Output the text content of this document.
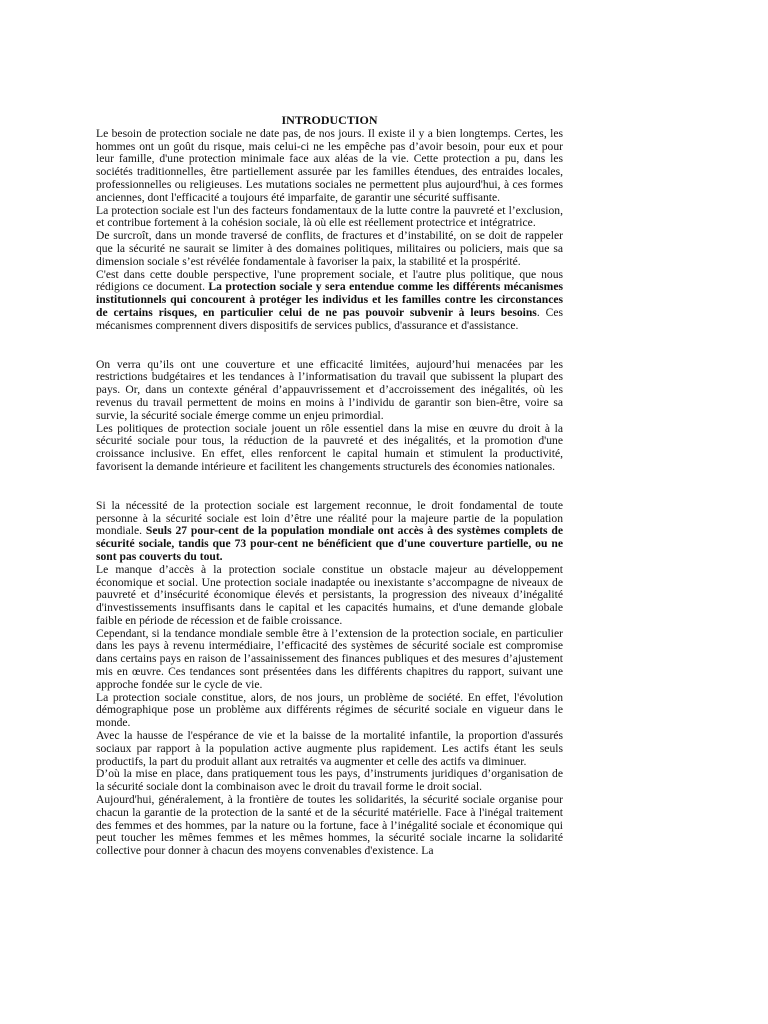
INTRODUCTION

Le besoin de protection sociale ne date pas, de nos jours. Il existe il y a bien longtemps. Certes, les hommes ont un goût du risque, mais celui-ci ne les empêche pas d’avoir besoin, pour eux et pour leur famille, d'une protection minimale face aux aléas de la vie. Cette protection a pu, dans les sociétés traditionnelles, être partiellement assurée par les familles étendues, des entraides locales, professionnelles ou religieuses. Les mutations sociales ne permettent plus aujourd'hui, à ces formes anciennes, dont l'efficacité a toujours été imparfaite, de garantir une sécurité suffisante.

La protection sociale est l'un des facteurs fondamentaux de la lutte contre la pauvreté et l’exclusion, et contribue fortement à la cohésion sociale, là où elle est réellement protectrice et intégratrice.

De surcroît, dans un monde traversé de conflits, de fractures et d’instabilité, on se doit de rappeler que la sécurité ne saurait se limiter à des domaines politiques, militaires ou policiers, mais que sa dimension sociale s’est révélée fondamentale à favoriser la paix, la stabilité et la prospérité.

C'est dans cette double perspective, l'une proprement sociale, et l'autre plus politique, que nous rédigions ce document. La protection sociale y sera entendue comme les différents mécanismes institutionnels qui concourent à protéger les individus et les familles contre les circonstances de certains risques, en particulier celui de ne pas pouvoir subvenir à leurs besoins. Ces mécanismes comprennent divers dispositifs de services publics, d'assurance et d'assistance.

On verra qu’ils ont une couverture et une efficacité limitées, aujourd’hui menacées par les restrictions budgétaires et les tendances à l’informatisation du travail que subissent la plupart des pays. Or, dans un contexte général d’appauvrissement et d’accroissement des inégalités, où les revenus du travail permettent de moins en moins à l’individu de garantir son bien-être, voire sa survie, la sécurité sociale émerge comme un enjeu primordial.

Les politiques de protection sociale jouent un rôle essentiel dans la mise en œuvre du droit à la sécurité sociale pour tous, la réduction de la pauvreté et des inégalités, et la promotion d'une croissance inclusive. En effet, elles renforcent le capital humain et stimulent la productivité, favorisent la demande intérieure et facilitent les changements structurels des économies nationales.

Si la nécessité de la protection sociale est largement reconnue, le droit fondamental de toute personne à la sécurité sociale est loin d’être une réalité pour la majeure partie de la population mondiale. Seuls 27 pour-cent de la population mondiale ont accès à des systèmes complets de sécurité sociale, tandis que 73 pour-cent ne bénéficient que d'une couverture partielle, ou ne sont pas couverts du tout.

Le manque d’accès à la protection sociale constitue un obstacle majeur au développement économique et social. Une protection sociale inadaptée ou inexistante s’accompagne de niveaux de pauvreté et d’insécurité économique élevés et persistants, la progression des niveaux d’inégalité d'investissements insuffisants dans le capital et les capacités humains, et d'une demande globale faible en période de récession et de faible croissance.

Cependant, si la tendance mondiale semble être à l’extension de la protection sociale, en particulier dans les pays à revenu intermédiaire, l’efficacité des systèmes de sécurité sociale est compromise dans certains pays en raison de l’assainissement des finances publiques et des mesures d’ajustement mis en œuvre. Ces tendances sont présentées dans les différents chapitres du rapport, suivant une approche fondée sur le cycle de vie.

La protection sociale constitue, alors, de nos jours, un problème de société. En effet, l'évolution démographique pose un problème aux différents régimes de sécurité sociale en vigueur dans le monde.

Avec la hausse de l'espérance de vie et la baisse de la mortalité infantile, la proportion d'assurés sociaux par rapport à la population active augmente plus rapidement. Les actifs étant les seuls productifs, la part du produit allant aux retraités va augmenter et celle des actifs va diminuer.

D’où la mise en place, dans pratiquement tous les pays, d’instruments juridiques d’organisation de la sécurité sociale dont la combinaison avec le droit du travail forme le droit social.

Aujourd'hui, généralement, à la frontière de toutes les solidarités, la sécurité sociale organise pour chacun la garantie de la protection de la santé et de la sécurité matérielle. Face à l'inégal traitement des femmes et des hommes, par la nature ou la fortune, face à l’inégalité sociale et économique qui peut toucher les mêmes femmes et les mêmes hommes, la sécurité sociale incarne la solidarité collective pour donner à chacun des moyens convenables d'existence. La
